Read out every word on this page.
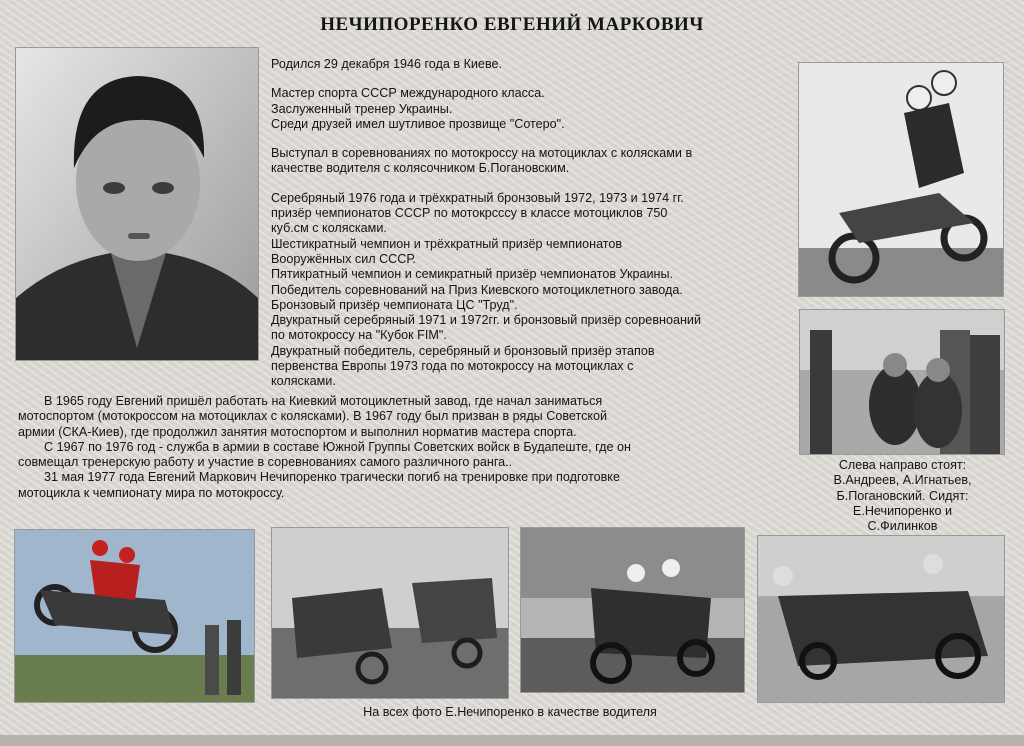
НЕЧИПОРЕНКО ЕВГЕНИЙ МАРКОВИЧ

Родился 29 декабря 1946 года в Киеве.

Мастер спорта СССР международного класса.
Заслуженный тренер Украины.
Среди друзей имел шутливое прозвище "Сотеро".

Выступал в соревнованиях по мотокроссу на мотоциклах с колясками в
качестве водителя с колясочником Б.Погановским.

Серебряный 1976 года и трёхкратный бронзовый 1972, 1973 и 1974 гг.
призёр чемпионатов СССР по мотокрсссу в классе мотоциклов 750
куб.см с колясками.
Шестикратный чемпион и трёхкратный призёр чемпионатов
Вооружённых сил СССР.
Пятикратный чемпион и семикратный призёр чемпионатов Украины.
Победитель соревнований на Приз Киевского мотоциклетного завода.
Бронзовый призёр чемпионата ЦС "Труд".
Двукратный серебряный 1971 и 1972гг. и бронзовый призёр соревноаний
по мотокроссу на "Кубок FIM".
Двукратный победитель, серебряный и бронзовый призёр этапов
первенства Европы 1973 года по мотокроссу на мотоциклах с
колясками.

Слева направо стоят:
В.Андреев, А.Игнатьев,
Б.Погановский. Сидят:
Е.Нечипоренко и
С.Филинков
В 1965 году Евгений пришёл работать на Киевкий мотоциклетный завод, где начал заниматься
мотоспортом (мотокроссом на мотоциклах с колясками). В 1967 году был призван в ряды Советской
армии (СКА-Киев), где продолжил занятия мотоспортом и выполнил норматив мастера спорта.
С 1967 по 1976 год - служба в армии в составе Южной Группы Советских войск в Будапеште, где он
совмещал тренерскую работу и участие в соревнованиях самого различного ранга..
31 мая 1977 года Евгений Маркович Нечипоренко трагически погиб на тренировке при подготовке
мотоцикла к чемпионату мира по мотокроссу.
На всех фото Е.Нечипоренко в качестве водителя
